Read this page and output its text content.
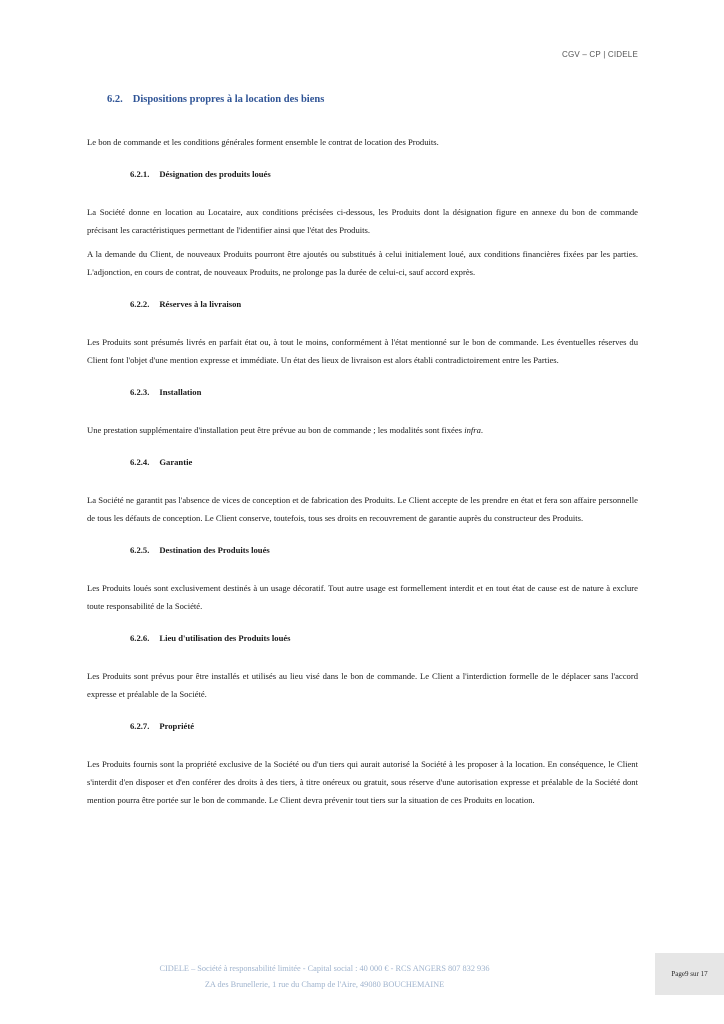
CGV – CP | CIDELE
6.2. Dispositions propres à la location des biens

Le bon de commande et les conditions générales forment ensemble le contrat de location des Produits.

6.2.1. Désignation des produits loués

La Société donne en location au Locataire, aux conditions précisées ci-dessous, les Produits dont la désignation figure en annexe du bon de commande précisant les caractéristiques permettant de l'identifier ainsi que l'état des Produits.

A la demande du Client, de nouveaux Produits pourront être ajoutés ou substitués à celui initialement loué, aux conditions financières fixées par les parties. L'adjonction, en cours de contrat, de nouveaux Produits, ne prolonge pas la durée de celui-ci, sauf accord exprès.

6.2.2. Réserves à la livraison

Les Produits sont présumés livrés en parfait état ou, à tout le moins, conformément à l'état mentionné sur le bon de commande. Les éventuelles réserves du Client font l'objet d'une mention expresse et immédiate. Un état des lieux de livraison est alors établi contradictoirement entre les Parties.

6.2.3. Installation

Une prestation supplémentaire d'installation peut être prévue au bon de commande ; les modalités sont fixées infra.

6.2.4. Garantie

La Société ne garantit pas l'absence de vices de conception et de fabrication des Produits. Le Client accepte de les prendre en état et fera son affaire personnelle de tous les défauts de conception. Le Client conserve, toutefois, tous ses droits en recouvrement de garantie auprès du constructeur des Produits.

6.2.5. Destination des Produits loués

Les Produits loués sont exclusivement destinés à un usage décoratif. Tout autre usage est formellement interdit et en tout état de cause est de nature à exclure toute responsabilité de la Société.

6.2.6. Lieu d'utilisation des Produits loués

Les Produits sont prévus pour être installés et utilisés au lieu visé dans le bon de commande. Le Client a l'interdiction formelle de le déplacer sans l'accord expresse et préalable de la Société.

6.2.7. Propriété

Les Produits fournis sont la propriété exclusive de la Société ou d'un tiers qui aurait autorisé la Société à les proposer à la location. En conséquence, le Client s'interdit d'en disposer et d'en conférer des droits à des tiers, à titre onéreux ou gratuit, sous réserve d'une autorisation expresse et préalable de la Société dont mention pourra être portée sur le bon de commande. Le Client devra prévenir tout tiers sur la situation de ces Produits en location.

CIDELE – Société à responsabilité limitée - Capital social : 40 000 € - RCS ANGERS 807 832 936
ZA des Brunellerie, 1 rue du Champ de l'Aire, 49080 BOUCHEMAINE
Page9 sur 17
